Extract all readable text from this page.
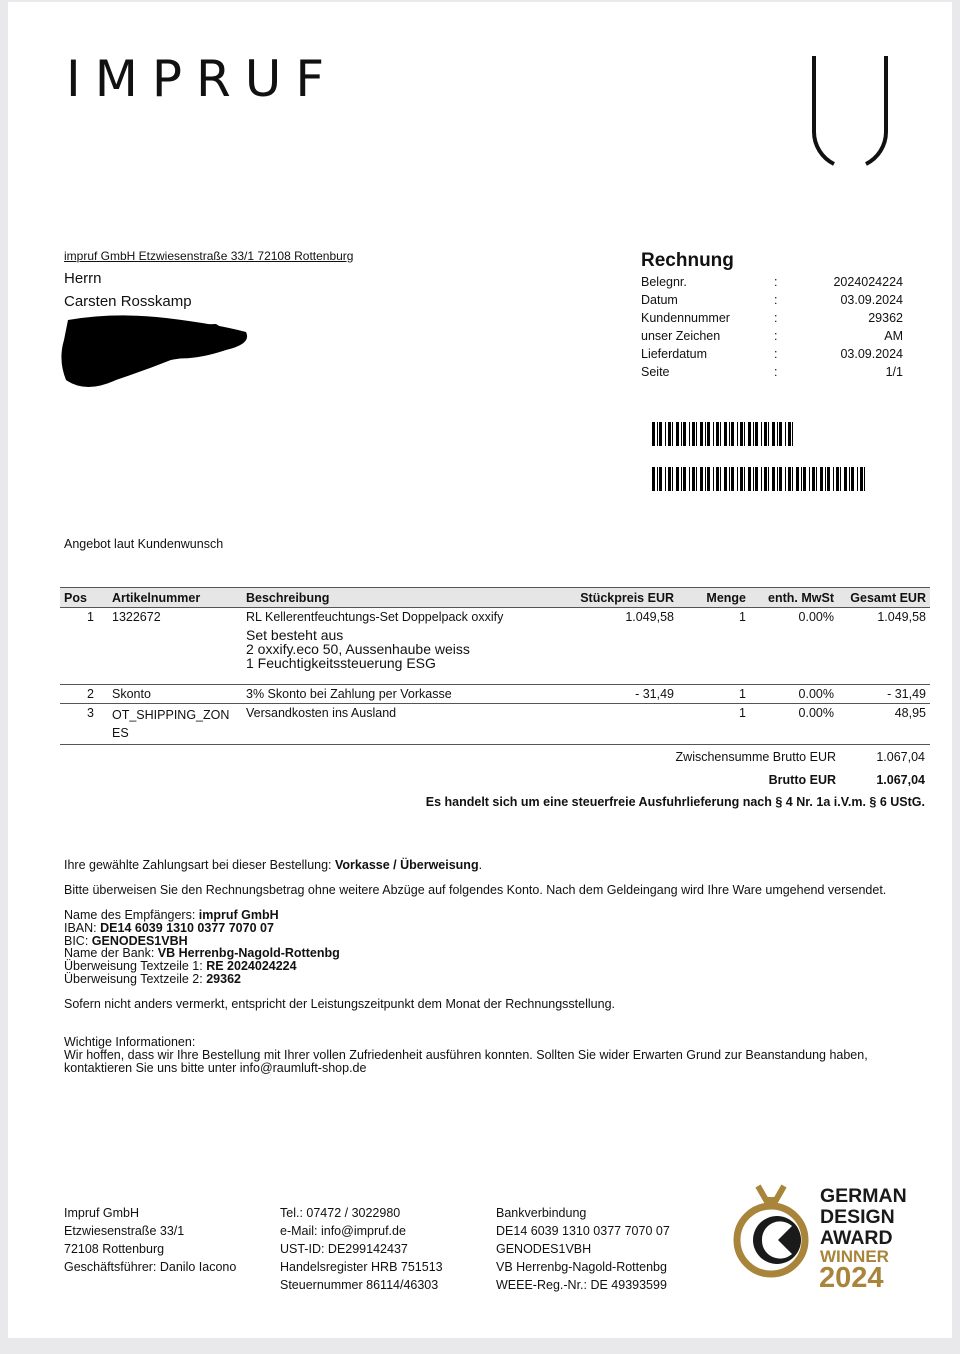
IMPRUF
impruf GmbH Etzwiesenstraße 33/1 72108 Rottenburg
Herrn
Carsten Rosskamp
Rechnung
Belegnr.	:	2024024224
Datum	:	03.09.2024
Kundennummer	:	29362
unser Zeichen	:	AM
Lieferdatum	:	03.09.2024
Seite	:	1/1
Angebot laut Kundenwunsch
Pos	Artikelnummer	Beschreibung	Stückpreis EUR	Menge	enth. MwSt	Gesamt EUR
1	1322672	RL Kellerentfeuchtungs-Set Doppelpack oxxify
Set besteht aus
2 oxxify.eco 50, Aussenhaube weiss
1 Feuchtigkeitssteuerung ESG	1.049,58	1	0.00%	1.049,58
2	Skonto	3% Skonto bei Zahlung per Vorkasse	- 31,49	1	0.00%	- 31,49
3	OT_SHIPPING_ZON
ES	Versandkosten ins Ausland		1	0.00%	48,95
Zwischensumme Brutto EUR	1.067,04
Brutto EUR	1.067,04
Es handelt sich um eine steuerfreie Ausfuhrlieferung nach § 4 Nr. 1a i.V.m. § 6 UStG.
Ihre gewählte Zahlungsart bei dieser Bestellung: Vorkasse / Überweisung.
Bitte überweisen Sie den Rechnungsbetrag ohne weitere Abzüge auf folgendes Konto. Nach dem Geldeingang wird Ihre Ware umgehend versendet.
Name des Empfängers: impruf GmbH
IBAN: DE14 6039 1310 0377 7070 07
BIC: GENODES1VBH
Name der Bank: VB Herrenbg-Nagold-Rottenbg
Überweisung Textzeile 1: RE 2024024224
Überweisung Textzeile 2: 29362
Sofern nicht anders vermerkt, entspricht der Leistungszeitpunkt dem Monat der Rechnungsstellung.
Wichtige Informationen:
Wir hoffen, dass wir Ihre Bestellung mit Ihrer vollen Zufriedenheit ausführen konnten. Sollten Sie wider Erwarten Grund zur Beanstandung haben,
kontaktieren Sie uns bitte unter info@raumluft-shop.de
Impruf GmbH
Etzwiesenstraße 33/1
72108 Rottenburg
Geschäftsführer: Danilo Iacono
Tel.: 07472 / 3022980
e-Mail: info@impruf.de
UST-ID: DE299142437
Handelsregister HRB 751513
Steuernummer 86114/46303
Bankverbindung
DE14 6039 1310 0377 7070 07
GENODES1VBH
VB Herrenbg-Nagold-Rottenbg
WEEE-Reg.-Nr.: DE 49393599
GERMAN
DESIGN
AWARD
WINNER
2024
